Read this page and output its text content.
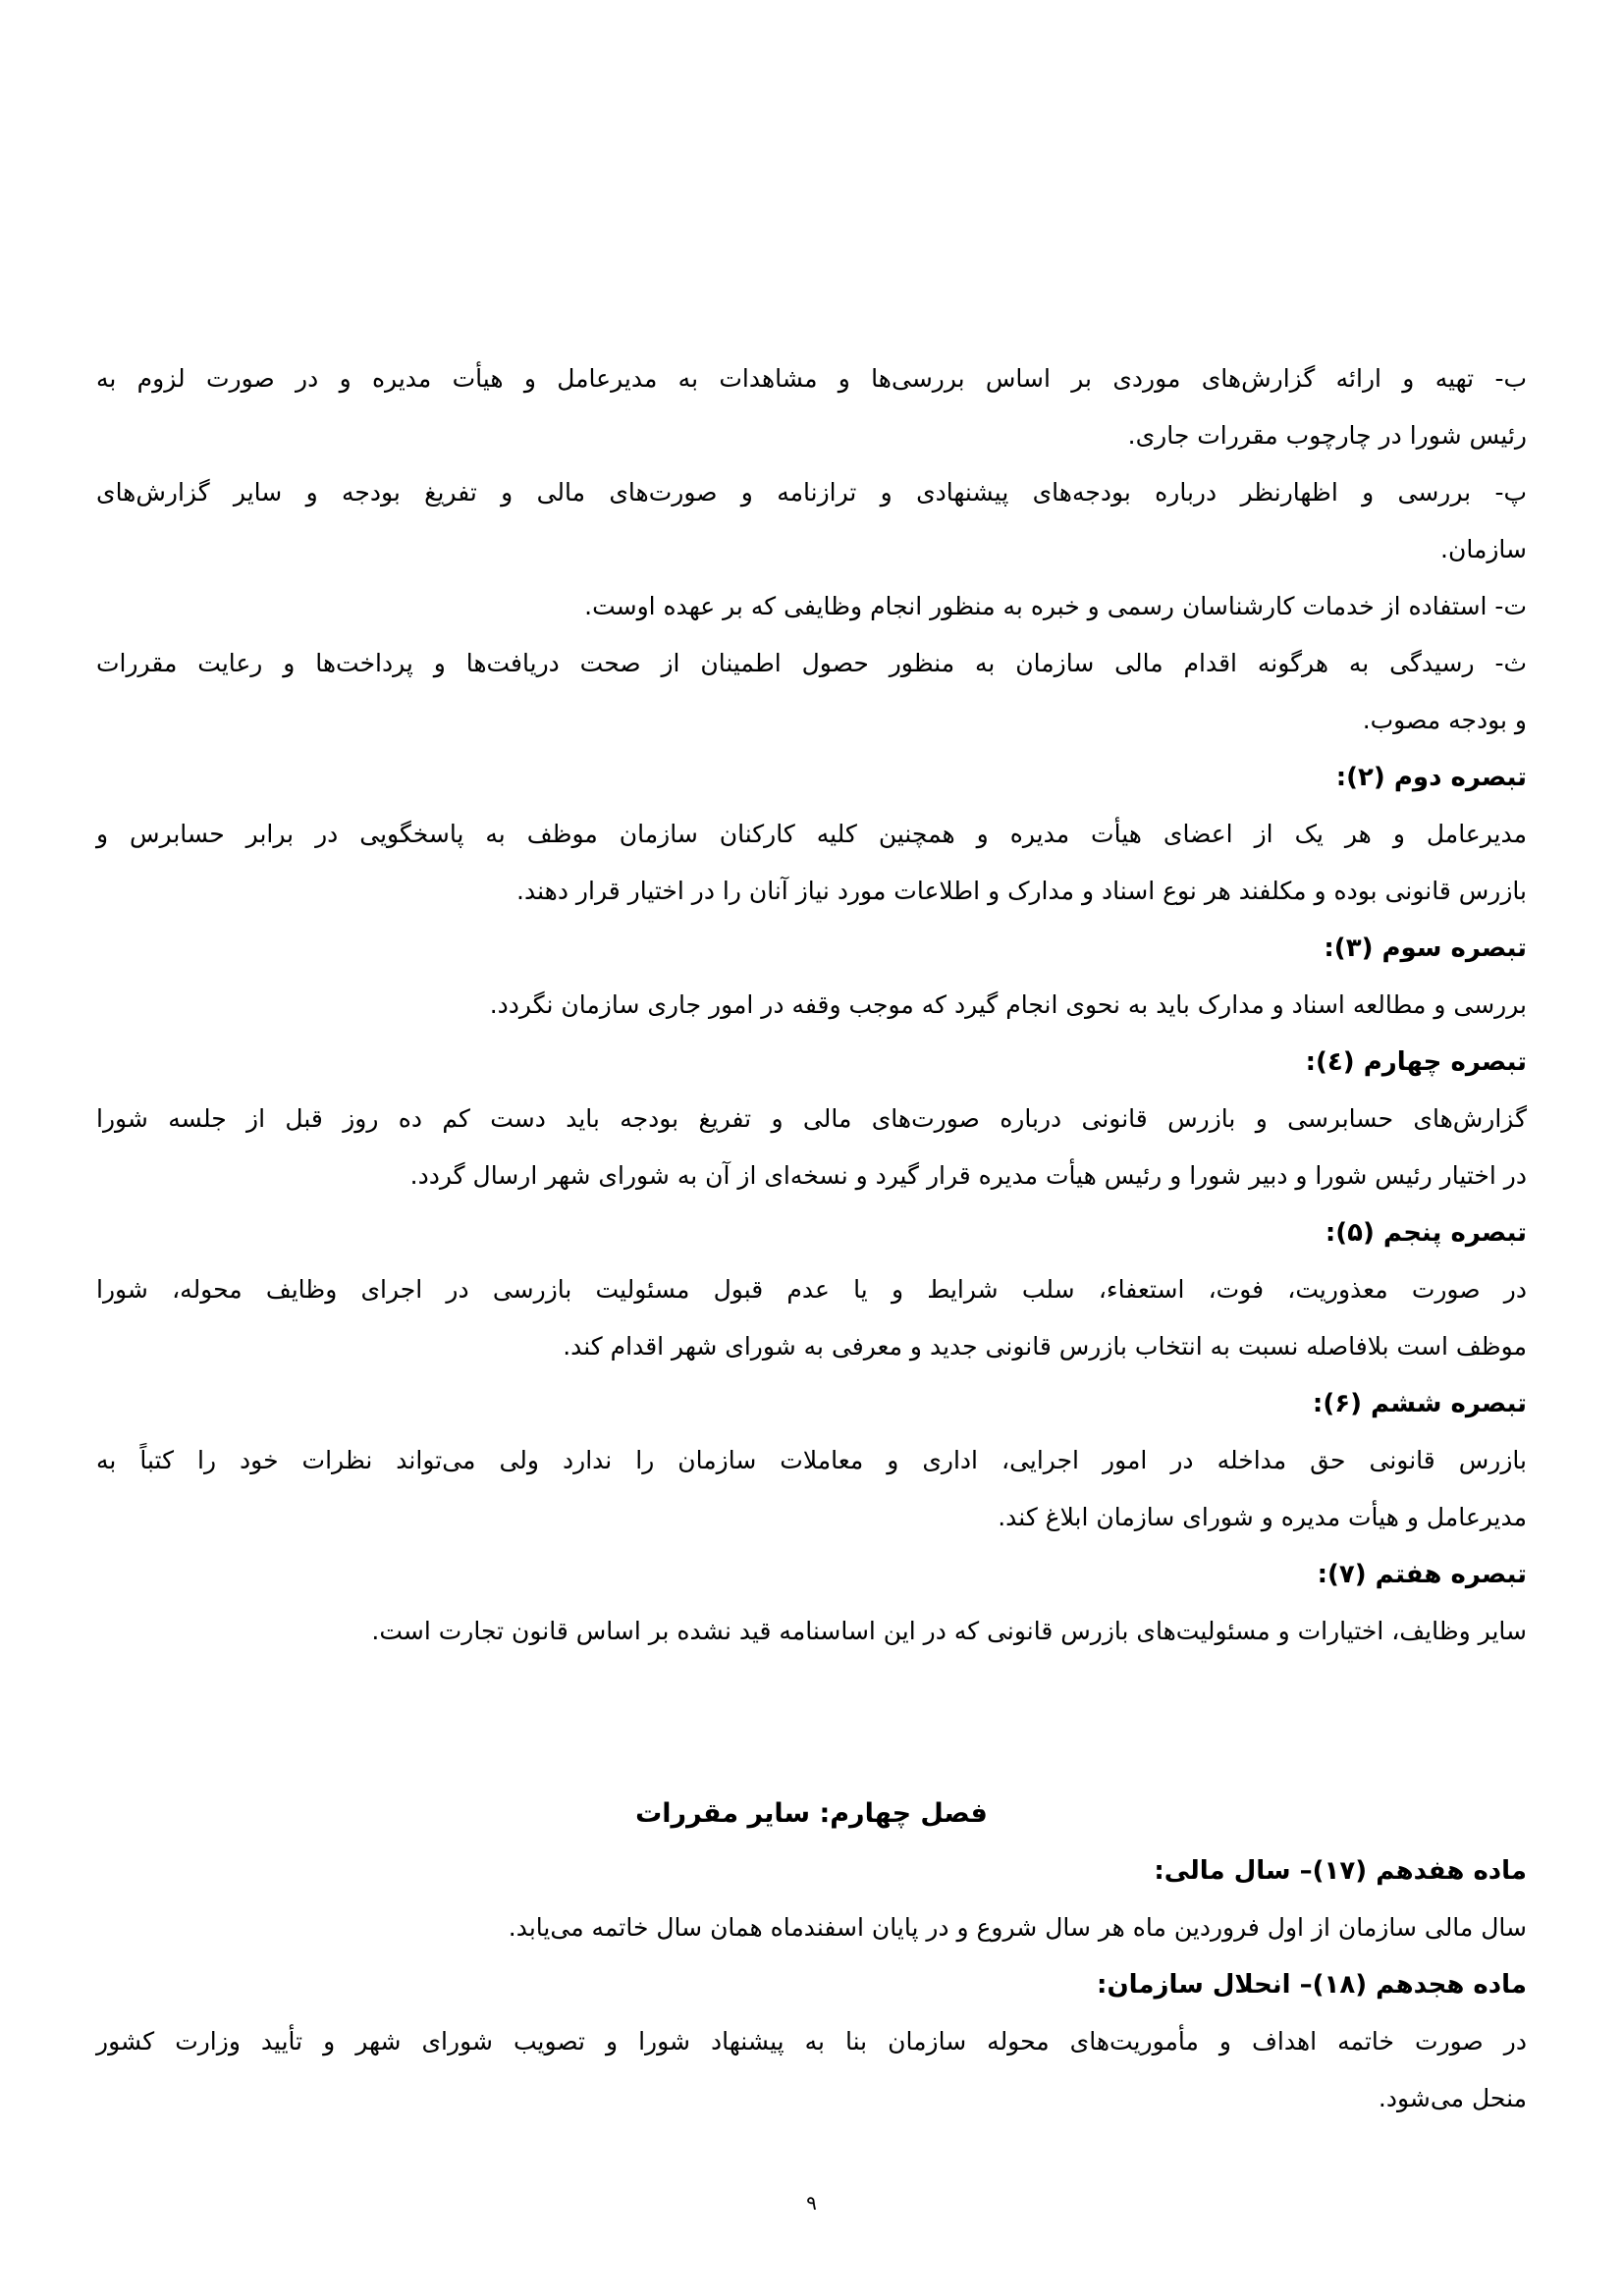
ب- تهیه و ارائه گزارش‌های موردی بر اساس بررسی‌ها و مشاهدات به مدیرعامل و هیأت مدیره و در صورت لزوم به
رئیس شورا در چارچوب مقررات جاری.
پ- بررسی و اظهارنظر درباره بودجه‌های پیشنهادی و ترازنامه و صورت‌های مالی و تفریغ بودجه و سایر گزارش‌های
سازمان.
ت- استفاده از خدمات کارشناسان رسمی و خبره به منظور انجام وظایفی که بر عهده اوست.
ث- رسیدگی به هرگونه اقدام مالی سازمان به منظور حصول اطمینان از صحت دریافت‌ها و پرداخت‌ها و رعایت مقررات
و بودجه مصوب.
تبصره دوم (۲):
مدیرعامل و هر یک از اعضای هیأت مدیره و همچنین کلیه کارکنان سازمان موظف به پاسخگویی در برابر حسابرس و
بازرس قانونی بوده و مکلفند هر نوع اسناد و مدارک و اطلاعات مورد نیاز آنان را در اختیار قرار دهند.
تبصره سوم (۳):
بررسی و مطالعه اسناد و مدارک باید به نحوی انجام گیرد که موجب وقفه در امور جاری سازمان نگردد.
تبصره چهارم (٤):
گزارش‌های حسابرسی و بازرس قانونی درباره صورت‌های مالی و تفریغ بودجه باید دست کم ده روز قبل از جلسه شورا
در اختیار رئیس شورا و دبیر شورا و رئیس هیأت مدیره قرار گیرد و نسخه‌ای از آن به شورای شهر ارسال گردد.
تبصره پنجم (۵):
در صورت معذوریت، فوت، استعفاء، سلب شرایط و یا عدم قبول مسئولیت بازرسی در اجرای وظایف محوله، شورا
موظف است بلافاصله نسبت به انتخاب بازرس قانونی جدید و معرفی به شورای شهر اقدام کند.
تبصره ششم (۶):
بازرس قانونی حق مداخله در امور اجرایی، اداری و معاملات سازمان را ندارد ولی می‌تواند نظرات خود را کتباً به
مدیرعامل و هیأت مدیره و شورای سازمان ابلاغ کند.
تبصره هفتم (۷):
سایر وظایف، اختیارات و مسئولیت‌های بازرس قانونی که در این اساسنامه قید نشده بر اساس قانون تجارت است.
فصل چهارم: سایر مقررات
ماده هفدهم (۱۷)– سال مالی:
سال مالی سازمان از اول فروردین ماه هر سال شروع و در پایان اسفندماه همان سال خاتمه می‌یابد.
ماده هجدهم (۱۸)– انحلال سازمان:
در صورت خاتمه اهداف و مأموریت‌های محوله سازمان بنا به پیشنهاد شورا و تصویب شورای شهر و تأیید وزارت کشور
منحل می‌شود.
۹
